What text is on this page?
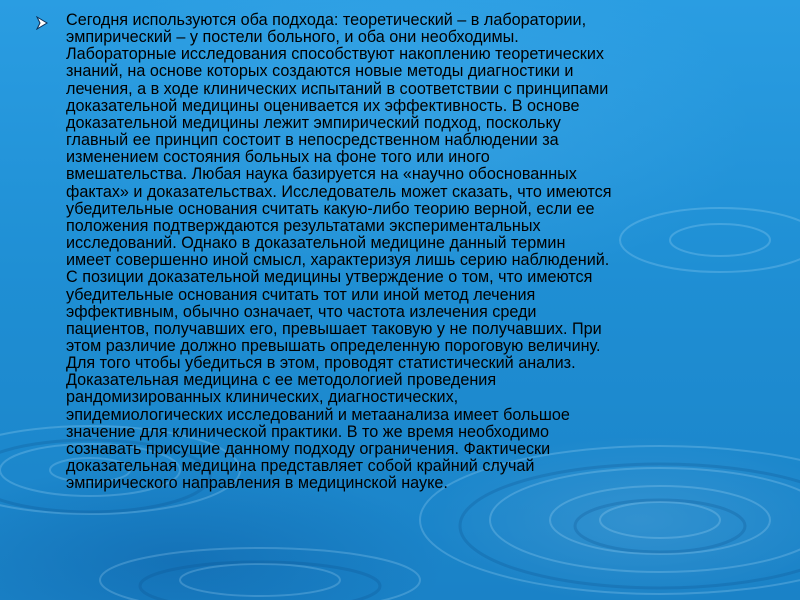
Сегодня используются оба подхода: теоретический – в лаборатории,
эмпирический – у постели больного, и оба они необходимы.
Лабораторные исследования способствуют накоплению теоретических
знаний, на основе которых создаются новые методы диагностики и
лечения, а в ходе клинических испытаний в соответствии с принципами
доказательной медицины оценивается их эффективность. В основе
доказательной медицины лежит эмпирический подход, поскольку
главный ее принцип состоит в непосредственном наблюдении за
изменением состояния больных на фоне того или иного
вмешательства. Любая наука базируется на «научно обоснованных
фактах» и доказательствах. Исследователь может сказать, что имеются
убедительные основания считать какую-либо теорию верной, если ее
положения подтверждаются результатами экспериментальных
исследований. Однако в доказательной медицине данный термин
имеет совершенно иной смысл, характеризуя лишь серию наблюдений.
С позиции доказательной медицины утверждение о том, что имеются
убедительные основания считать тот или иной метод лечения
эффективным, обычно означает, что частота излечения среди
пациентов, получавших его, превышает таковую у не получавших. При
этом различие должно превышать определенную пороговую величину.
Для того чтобы убедиться в этом, проводят статистический анализ.
Доказательная медицина с ее методологией проведения
рандомизированных клинических, диагностических,
эпидемиологических исследований и метаанализа имеет большое
значение для клинической практики. В то же время необходимо
сознавать присущие данному подходу ограничения. Фактически
доказательная медицина представляет собой крайний случай
эмпирического направления в медицинской науке.
